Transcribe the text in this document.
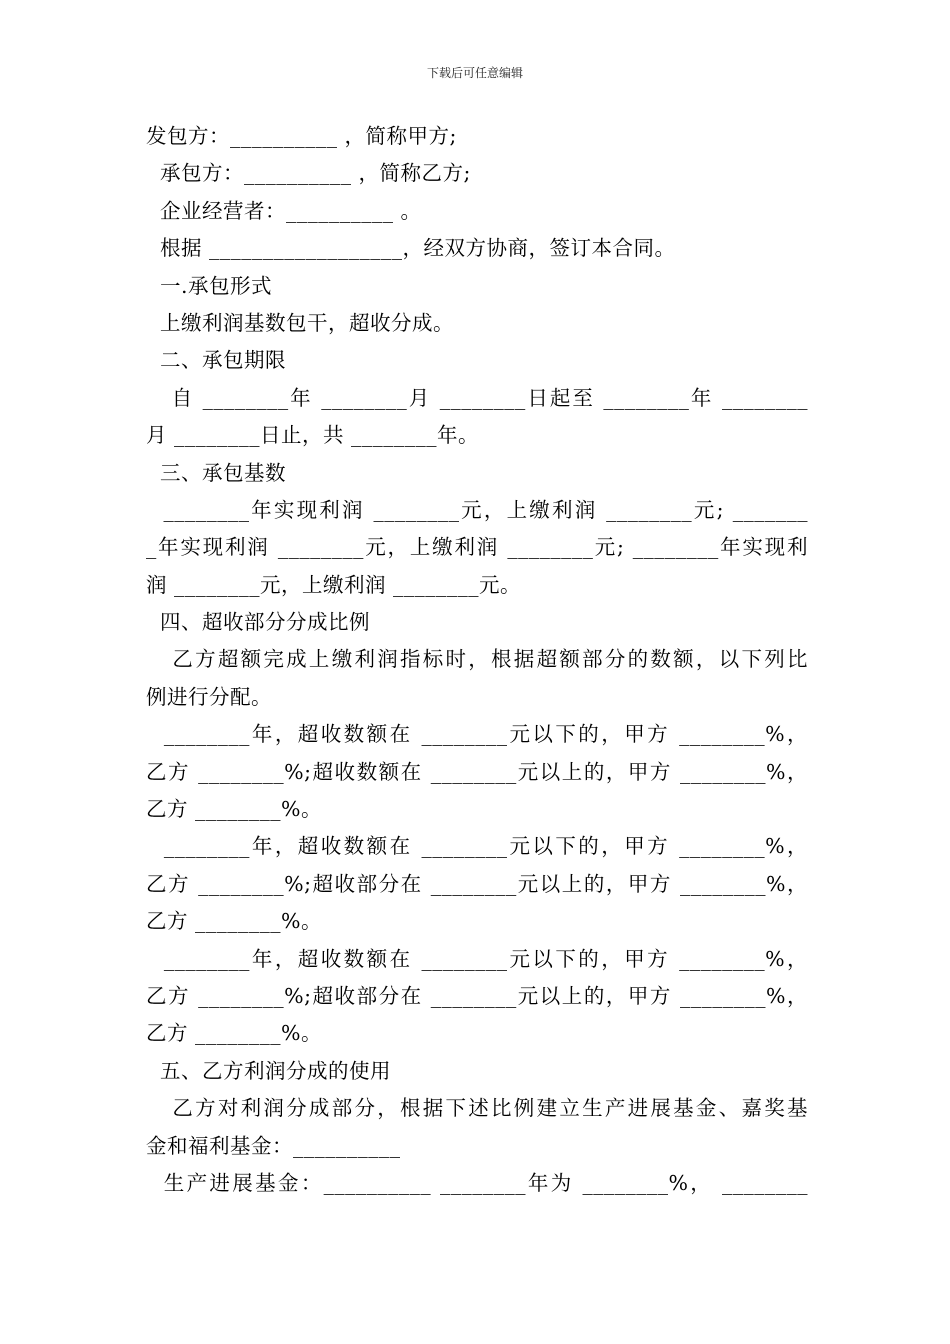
下载后可任意编辑
发包方：__________ ，简称甲方;
承包方：__________ ，简称乙方;
企业经营者：__________ 。
根据 __________________，经双方协商，签订本合同。
一.承包形式
上缴利润基数包干，超收分成。
二、承包期限
自 ________年 ________月 ________日起至 ________年 ________
月 ________日止，共 ________年。
三、承包基数
________年实现利润 ________元，上缴利润 ________元; _______
_年实现利润 ________元，上缴利润 ________元; ________年实现利
润 ________元，上缴利润 ________元。
四、超收部分分成比例
乙方超额完成上缴利润指标时，根据超额部分的数额，以下列比
例进行分配。
________年，超收数额在 ________元以下的，甲方 ________%，
乙方 ________%;超收数额在 ________元以上的，甲方 ________%，
乙方 ________%。
________年，超收数额在 ________元以下的，甲方 ________%，
乙方 ________%;超收部分在 ________元以上的，甲方 ________%，
乙方 ________%。
________年，超收数额在 ________元以下的，甲方 ________%，
乙方 ________%;超收部分在 ________元以上的，甲方 ________%，
乙方 ________%。
五、乙方利润分成的使用
乙方对利润分成部分，根据下述比例建立生产进展基金、嘉奖基
金和福利基金：__________
生产进展基金：__________ ________年为 ________%， ________
